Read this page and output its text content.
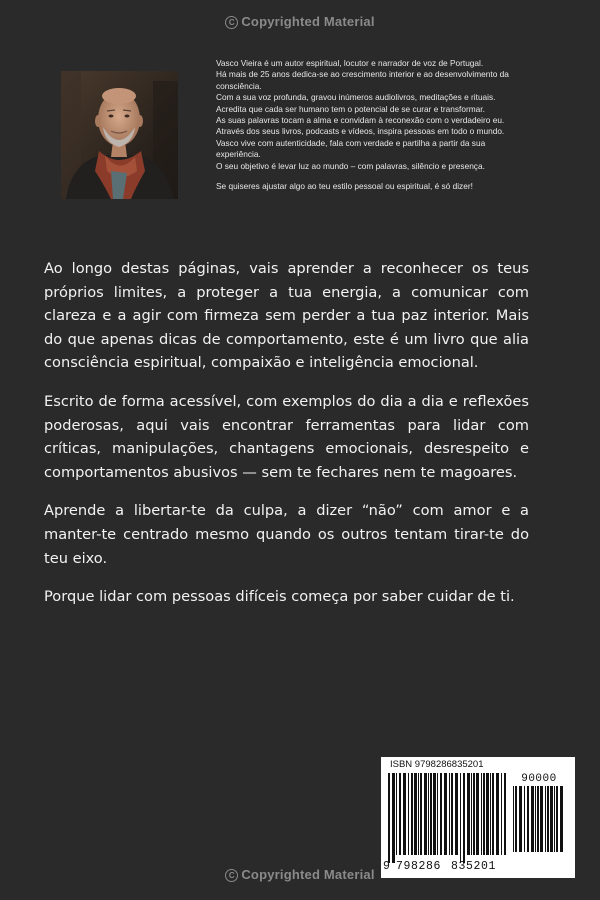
C Copyrighted Material

Vasco Vieira é um autor espiritual, locutor e narrador de voz de Portugal.

Há mais de 25 anos dedica-se ao crescimento interior e ao desenvolvimento da

consciência.

Com a sua voz profunda, gravou inúmeros audiolivros, meditações e rituais.

Acredita que cada ser humano tem o potencial de se curar e transformar.

As suas palavras tocam a alma e convidam à reconexão com o verdadeiro eu.

Através dos seus livros, podcasts e vídeos, inspira pessoas em todo o mundo.

Vasco vive com autenticidade, fala com verdade e partilha a partir da sua

experiência.

O seu objetivo é levar luz ao mundo – com palavras, silêncio e presença.

Se quiseres ajustar algo ao teu estilo pessoal ou espiritual, é só dizer!

Ao longo destas páginas, vais aprender a reconhecer os teus próprios limites, a proteger a tua energia, a comunicar com clareza e a agir com firmeza sem perder a tua paz interior. Mais do que apenas dicas de comportamento, este é um livro que alia consciência espiritual, compaixão e inteligência emocional.

Escrito de forma acessível, com exemplos do dia a dia e reflexões poderosas, aqui vais encontrar ferramentas para lidar com críticas, manipulações, chantagens emocionais, desrespeito e comportamentos abusivos — sem te fechares nem te magoares.

Aprende a libertar-te da culpa, a dizer “não” com amor e a manter-te centrado mesmo quando os outros tentam tirar-te do teu eixo.

Porque lidar com pessoas difíceis começa por saber cuidar de ti.

ISBN 9798286835201
90000
9 798286 835201
C Copyrighted Material
